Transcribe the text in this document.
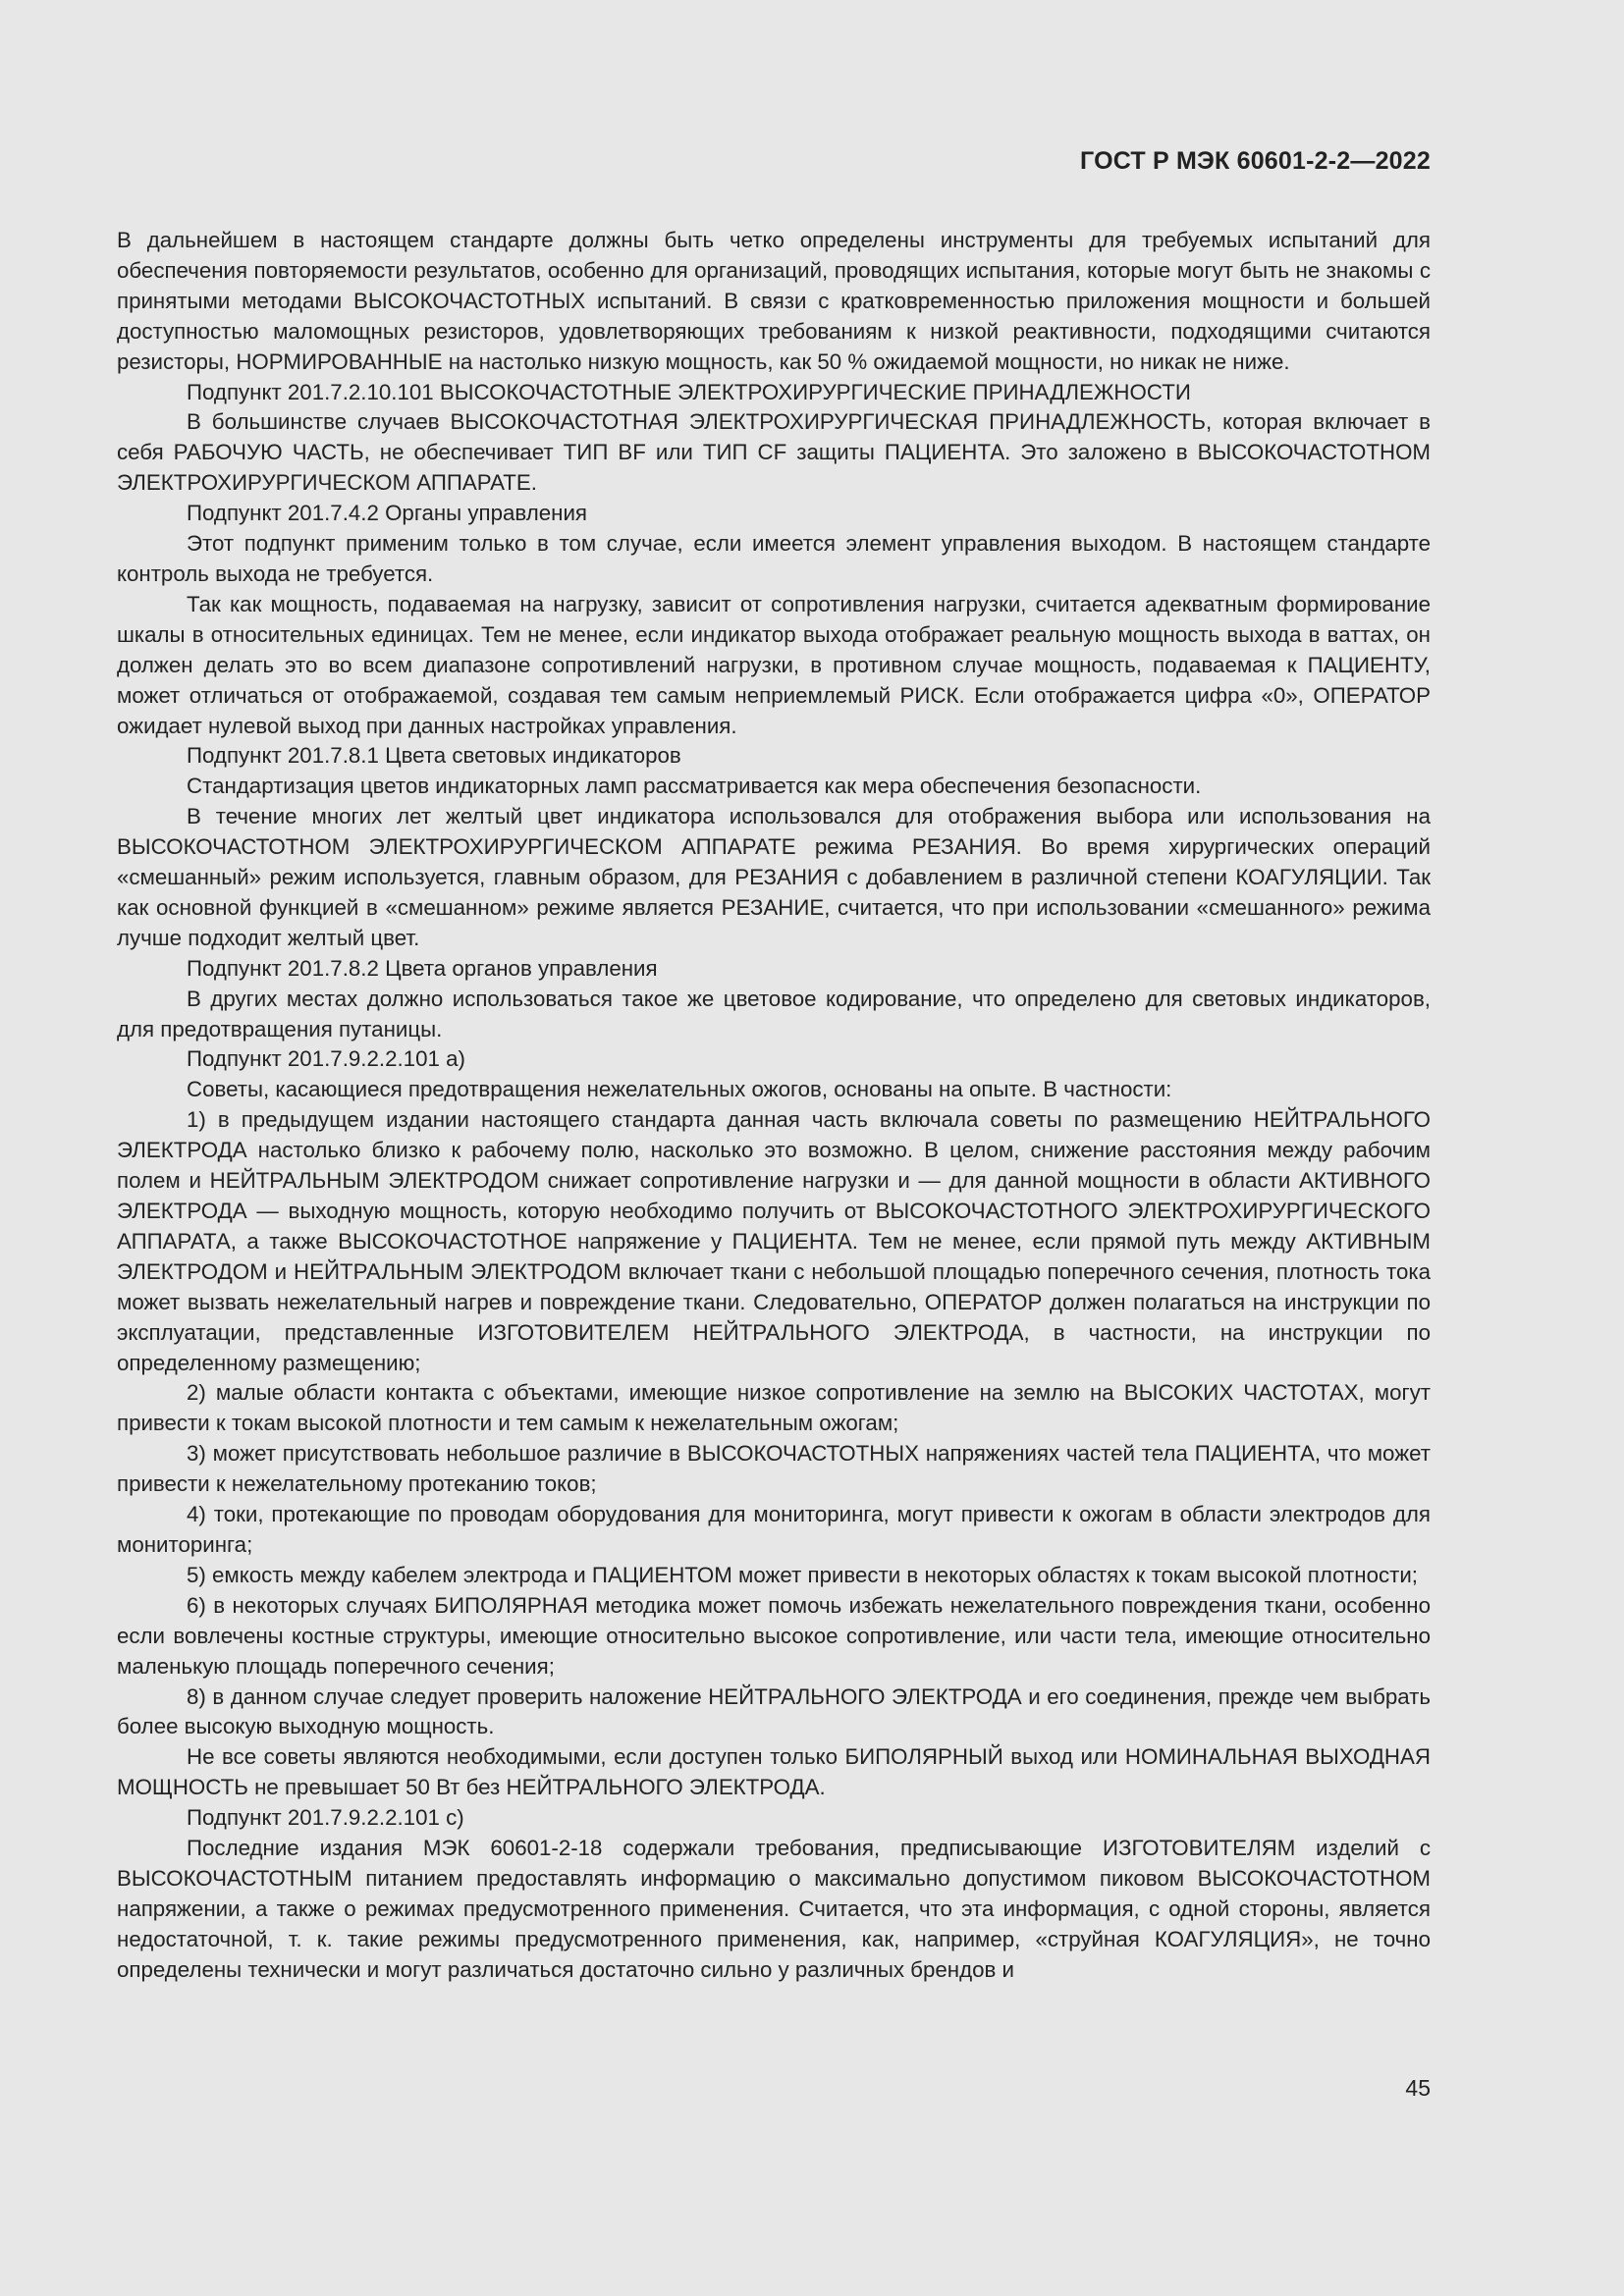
ГОСТ Р МЭК 60601-2-2—2022

В дальнейшем в настоящем стандарте должны быть четко определены инструменты для требуемых испытаний для обеспечения повторяемости результатов, особенно для организаций, проводящих испытания, которые могут быть не знакомы с принятыми методами ВЫСОКОЧАСТОТНЫХ испытаний. В связи с кратковременностью приложения мощности и большей доступностью маломощных резисторов, удовлетворяющих требованиям к низкой реактивности, подходящими считаются резисторы, НОРМИРОВАННЫЕ на настолько низкую мощность, как 50 % ожидаемой мощности, но никак не ниже.

Подпункт 201.7.2.10.101 ВЫСОКОЧАСТОТНЫЕ ЭЛЕКТРОХИРУРГИЧЕСКИЕ ПРИНАДЛЕЖНОСТИ

В большинстве случаев ВЫСОКОЧАСТОТНАЯ ЭЛЕКТРОХИРУРГИЧЕСКАЯ ПРИНАДЛЕЖНОСТЬ, которая включает в себя РАБОЧУЮ ЧАСТЬ, не обеспечивает ТИП BF или ТИП CF защиты ПАЦИЕНТА. Это заложено в ВЫСОКОЧАСТОТНОМ ЭЛЕКТРОХИРУРГИЧЕСКОМ АППАРАТЕ.

Подпункт 201.7.4.2 Органы управления

Этот подпункт применим только в том случае, если имеется элемент управления выходом. В настоящем стандарте контроль выхода не требуется.

Так как мощность, подаваемая на нагрузку, зависит от сопротивления нагрузки, считается адекватным формирование шкалы в относительных единицах. Тем не менее, если индикатор выхода отображает реальную мощность выхода в ваттах, он должен делать это во всем диапазоне сопротивлений нагрузки, в противном случае мощность, подаваемая к ПАЦИЕНТУ, может отличаться от отображаемой, создавая тем самым неприемлемый РИСК. Если отображается цифра «0», ОПЕРАТОР ожидает нулевой выход при данных настройках управления.

Подпункт 201.7.8.1 Цвета световых индикаторов

Стандартизация цветов индикаторных ламп рассматривается как мера обеспечения безопасности.

В течение многих лет желтый цвет индикатора использовался для отображения выбора или использования на ВЫСОКОЧАСТОТНОМ ЭЛЕКТРОХИРУРГИЧЕСКОМ АППАРАТЕ режима РЕЗАНИЯ. Во время хирургических операций «смешанный» режим используется, главным образом, для РЕЗАНИЯ с добавлением в различной степени КОАГУЛЯЦИИ. Так как основной функцией в «смешанном» режиме является РЕЗАНИЕ, считается, что при использовании «смешанного» режима лучше подходит желтый цвет.

Подпункт 201.7.8.2 Цвета органов управления

В других местах должно использоваться такое же цветовое кодирование, что определено для световых индикаторов, для предотвращения путаницы.

Подпункт 201.7.9.2.2.101 а)

Советы, касающиеся предотвращения нежелательных ожогов, основаны на опыте. В частности:

1) в предыдущем издании настоящего стандарта данная часть включала советы по размещению НЕЙТРАЛЬНОГО ЭЛЕКТРОДА настолько близко к рабочему полю, насколько это возможно. В целом, снижение расстояния между рабочим полем и НЕЙТРАЛЬНЫМ ЭЛЕКТРОДОМ снижает сопротивление нагрузки и — для данной мощности в области АКТИВНОГО ЭЛЕКТРОДА — выходную мощность, которую необходимо получить от ВЫСОКОЧАСТОТНОГО ЭЛЕКТРОХИРУРГИЧЕСКОГО АППАРАТА, а также ВЫСОКОЧАСТОТНОЕ напряжение у ПАЦИЕНТА. Тем не менее, если прямой путь между АКТИВНЫМ ЭЛЕКТРОДОМ и НЕЙТРАЛЬНЫМ ЭЛЕКТРОДОМ включает ткани с небольшой площадью поперечного сечения, плотность тока может вызвать нежелательный нагрев и повреждение ткани. Следовательно, ОПЕРАТОР должен полагаться на инструкции по эксплуатации, представленные ИЗГОТОВИТЕЛЕМ НЕЙТРАЛЬНОГО ЭЛЕКТРОДА, в частности, на инструкции по определенному размещению;

2) малые области контакта с объектами, имеющие низкое сопротивление на землю на ВЫСОКИХ ЧАСТОТАХ, могут привести к токам высокой плотности и тем самым к нежелательным ожогам;

3) может присутствовать небольшое различие в ВЫСОКОЧАСТОТНЫХ напряжениях частей тела ПАЦИЕНТА, что может привести к нежелательному протеканию токов;

4) токи, протекающие по проводам оборудования для мониторинга, могут привести к ожогам в области электродов для мониторинга;

5) емкость между кабелем электрода и ПАЦИЕНТОМ может привести в некоторых областях к токам высокой плотности;

6) в некоторых случаях БИПОЛЯРНАЯ методика может помочь избежать нежелательного повреждения ткани, особенно если вовлечены костные структуры, имеющие относительно высокое сопротивление, или части тела, имеющие относительно маленькую площадь поперечного сечения;

8) в данном случае следует проверить наложение НЕЙТРАЛЬНОГО ЭЛЕКТРОДА и его соединения, прежде чем выбрать более высокую выходную мощность.

Не все советы являются необходимыми, если доступен только БИПОЛЯРНЫЙ выход или НОМИНАЛЬНАЯ ВЫХОДНАЯ МОЩНОСТЬ не превышает 50 Вт без НЕЙТРАЛЬНОГО ЭЛЕКТРОДА.

Подпункт 201.7.9.2.2.101 с)

Последние издания МЭК 60601-2-18 содержали требования, предписывающие ИЗГОТОВИТЕЛЯМ изделий с ВЫСОКОЧАСТОТНЫМ питанием предоставлять информацию о максимально допустимом пиковом ВЫСОКОЧАСТОТНОМ напряжении, а также о режимах предусмотренного применения. Считается, что эта информация, с одной стороны, является недостаточной, т. к. такие режимы предусмотренного применения, как, например, «струйная КОАГУЛЯЦИЯ», не точно определены технически и могут различаться достаточно сильно у различных брендов и

45
